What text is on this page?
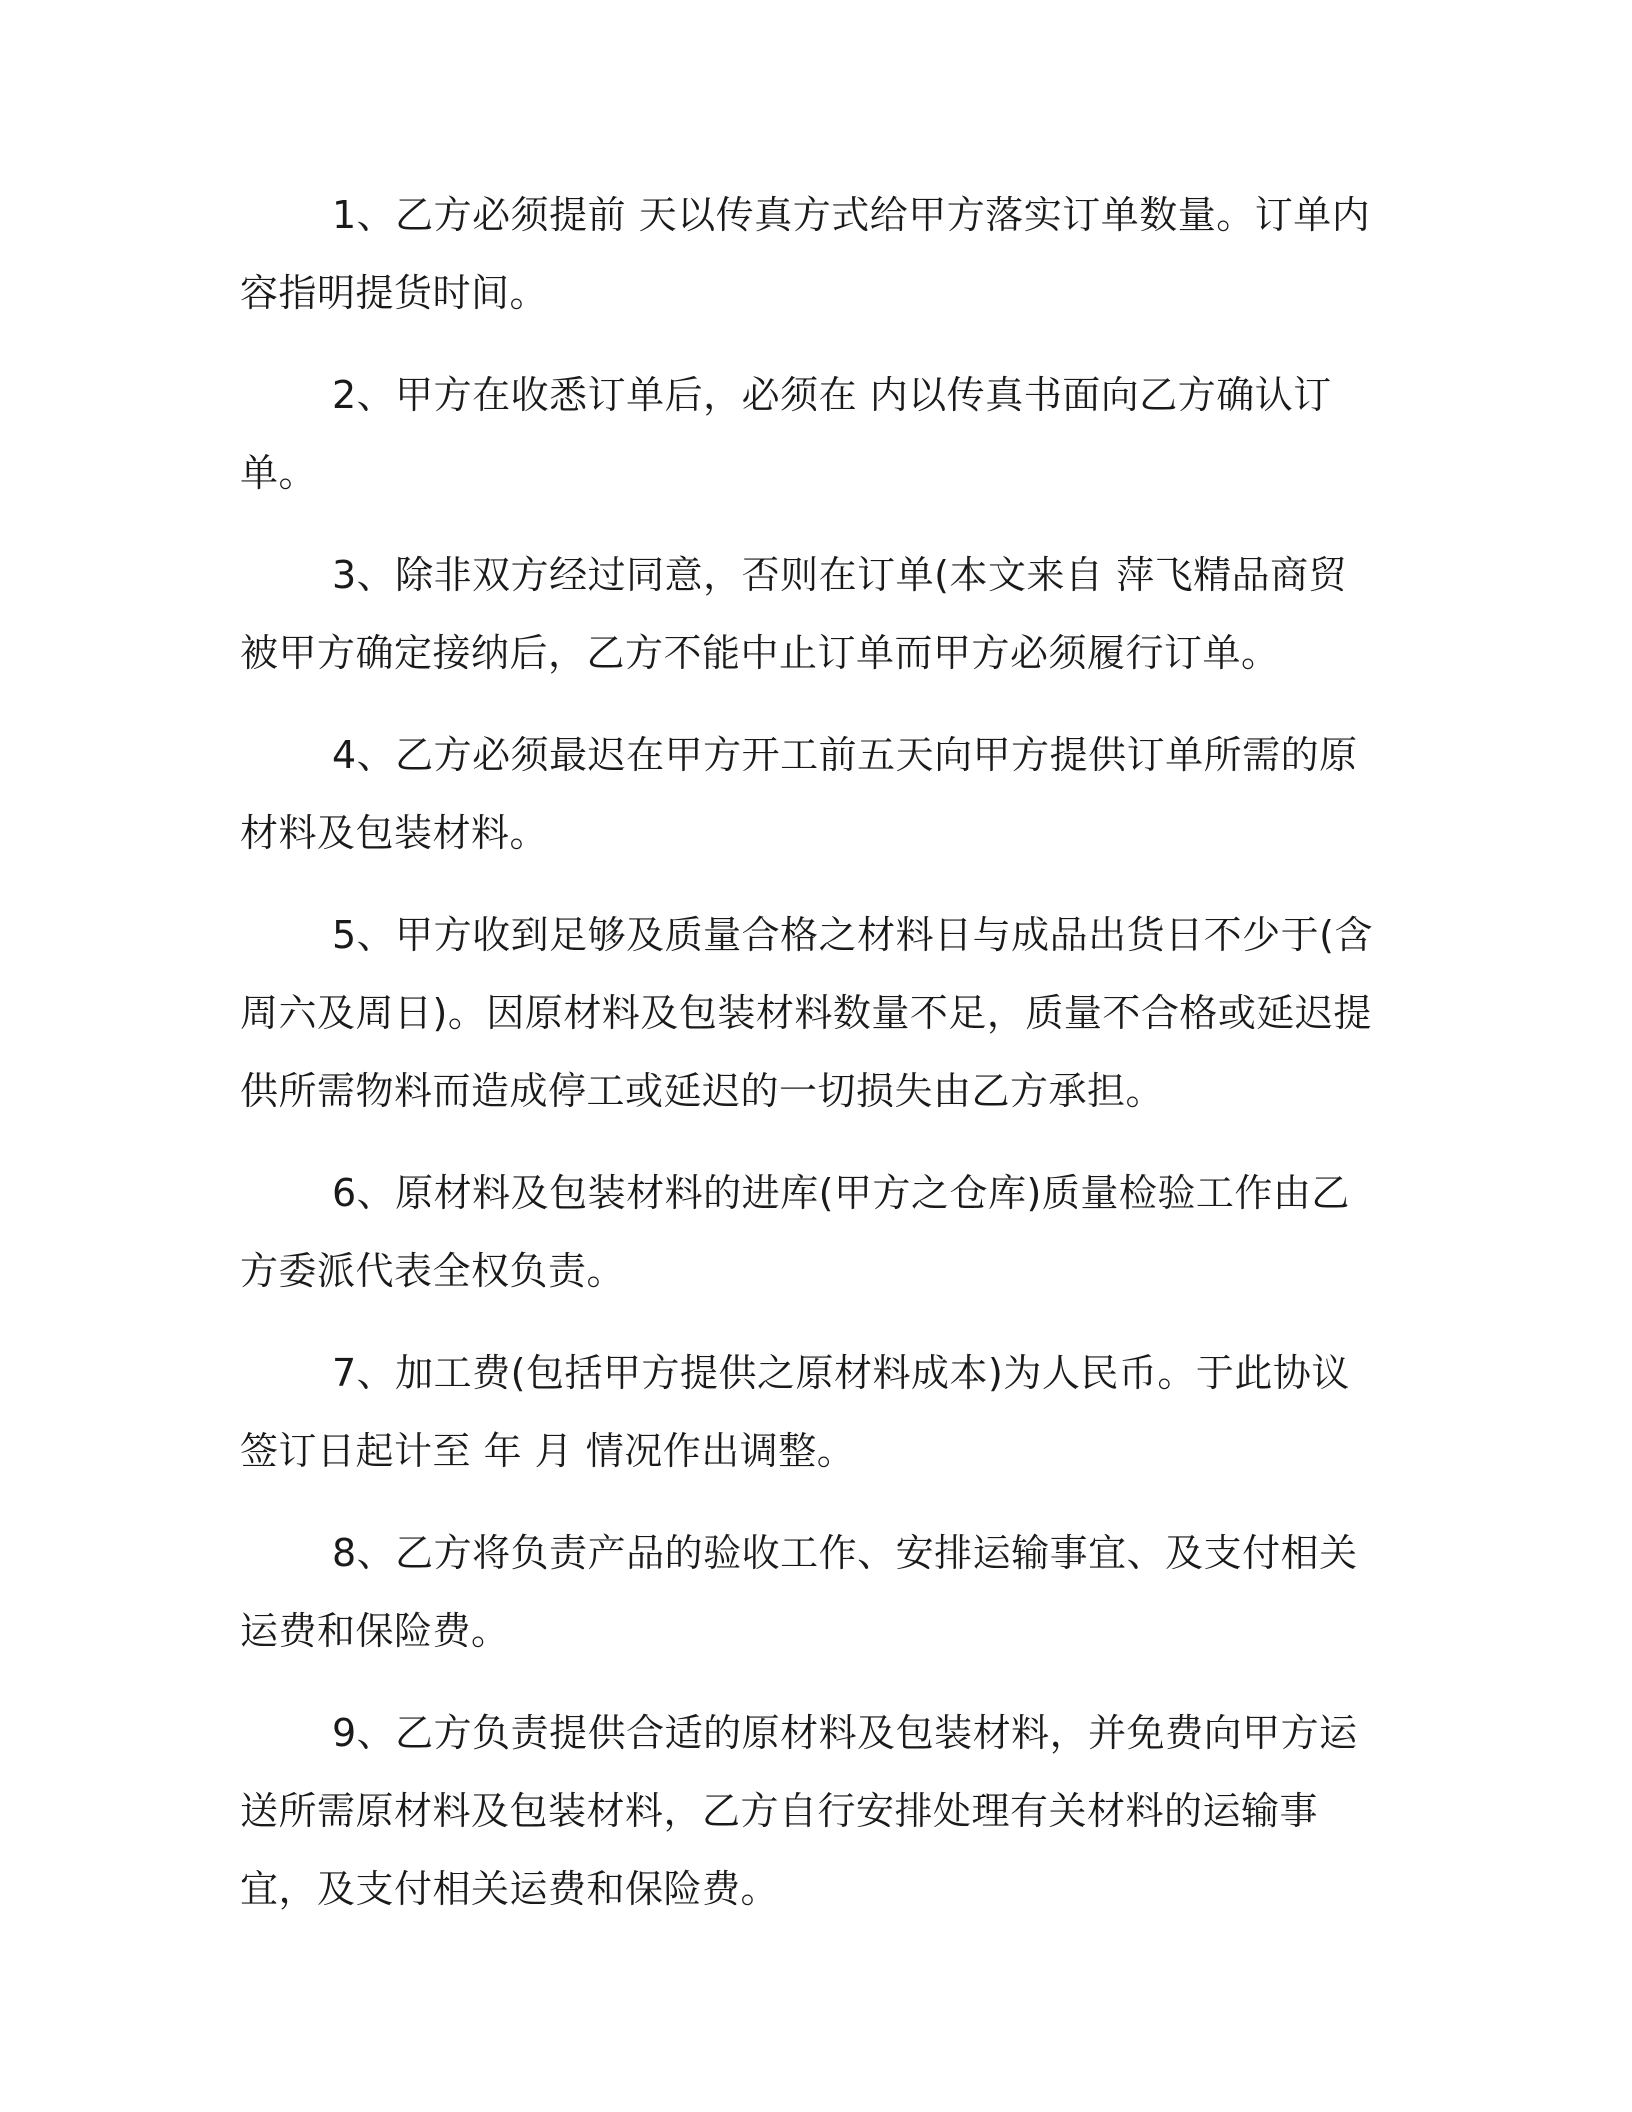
1、乙方必须提前 天以传真方式给甲方落实订单数量。订单内容指明提货时间。

2、甲方在收悉订单后，必须在 内以传真书面向乙方确认订单。

3、除非双方经过同意，否则在订单(本文来自 萍飞精品商贸被甲方确定接纳后，乙方不能中止订单而甲方必须履行订单。

4、乙方必须最迟在甲方开工前五天向甲方提供订单所需的原材料及包装材料。

5、甲方收到足够及质量合格之材料日与成品出货日不少于(含周六及周日)。因原材料及包装材料数量不足，质量不合格或延迟提供所需物料而造成停工或延迟的一切损失由乙方承担。

6、原材料及包装材料的进库(甲方之仓库)质量检验工作由乙方委派代表全权负责。

7、加工费(包括甲方提供之原材料成本)为人民币。于此协议签订日起计至 年 月 情况作出调整。

8、乙方将负责产品的验收工作、安排运输事宜、及支付相关运费和保险费。

9、乙方负责提供合适的原材料及包装材料，并免费向甲方运送所需原材料及包装材料，乙方自行安排处理有关材料的运输事宜，及支付相关运费和保险费。
